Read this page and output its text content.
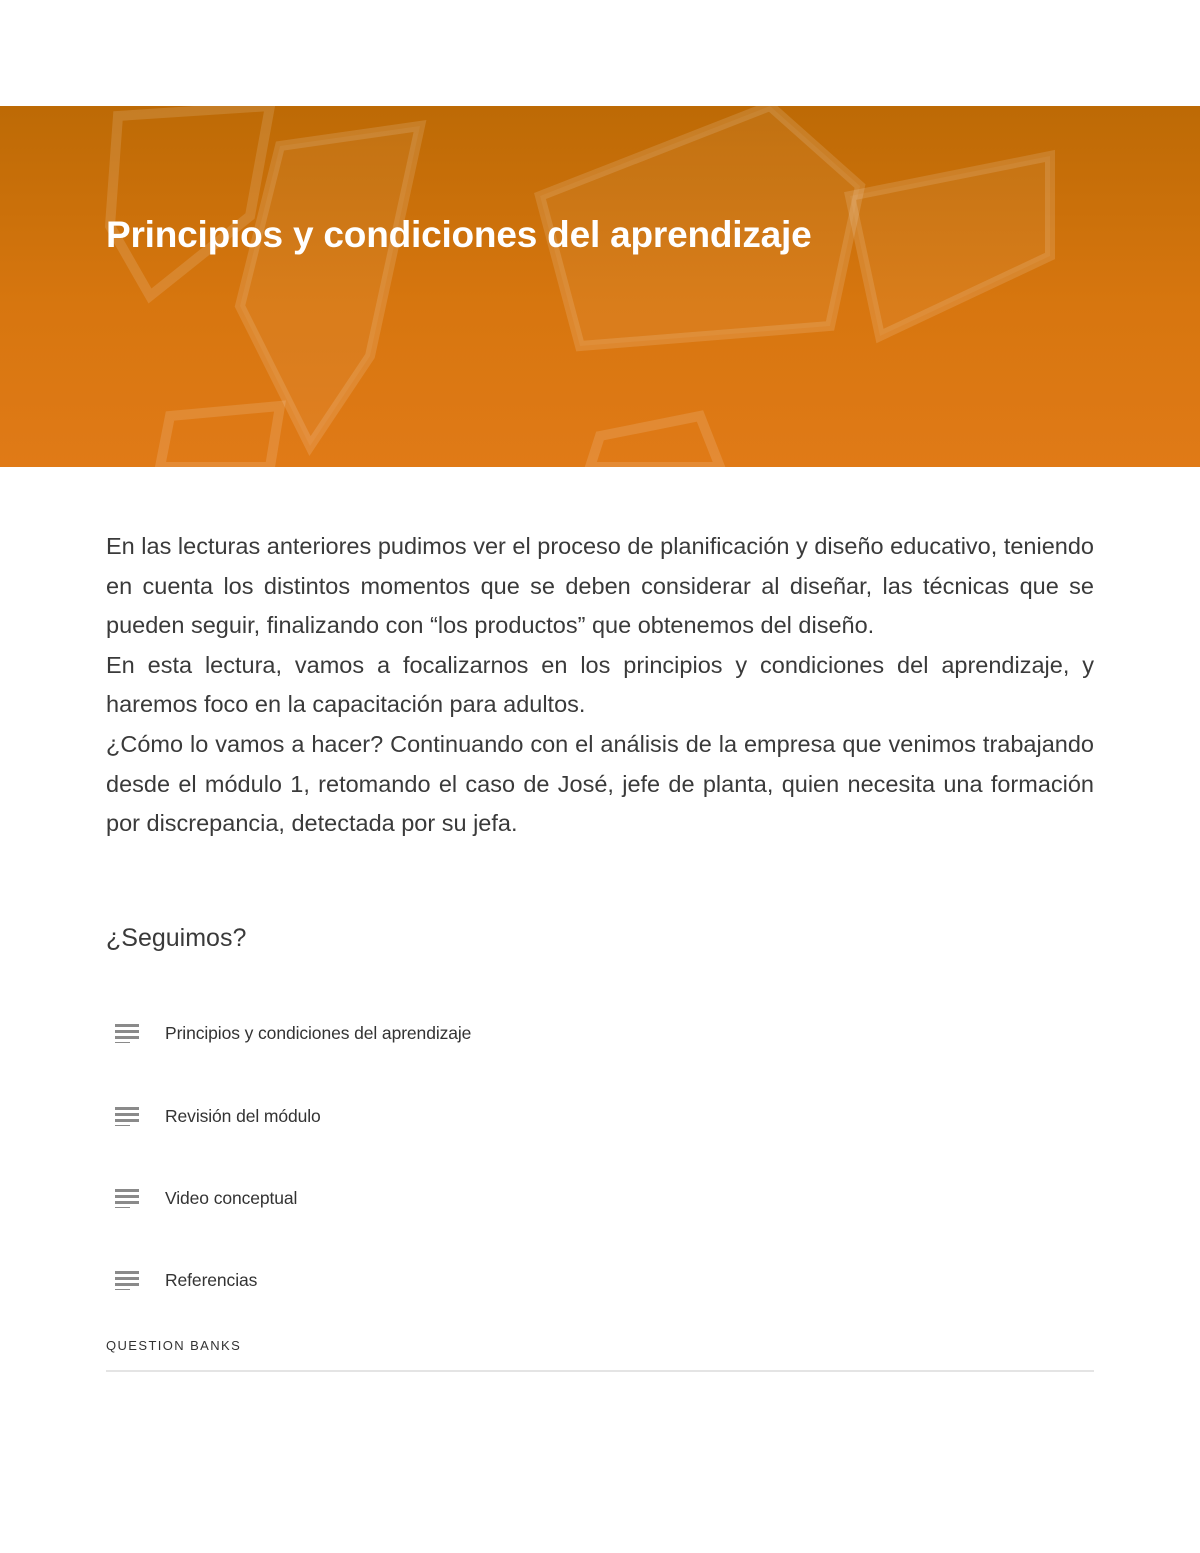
Principios y condiciones del aprendizaje

En las lecturas anteriores pudimos ver el proceso de planificación y diseño educativo, teniendo en cuenta los distintos momentos que se deben considerar al diseñar, las técnicas que se pueden seguir, finalizando con “los productos” que obtenemos del diseño.

En esta lectura, vamos a focalizarnos en los principios y condiciones del aprendizaje, y haremos foco en la capacitación para adultos.

¿Cómo lo vamos a hacer? Continuando con el análisis de la empresa que venimos trabajando desde el módulo 1, retomando el caso de José, jefe de planta, quien necesita una formación por discrepancia, detectada por su jefa.

¿Seguimos?
Principios y condiciones del aprendizaje
Revisión del módulo
Video conceptual
Referencias
QUESTION BANKS
